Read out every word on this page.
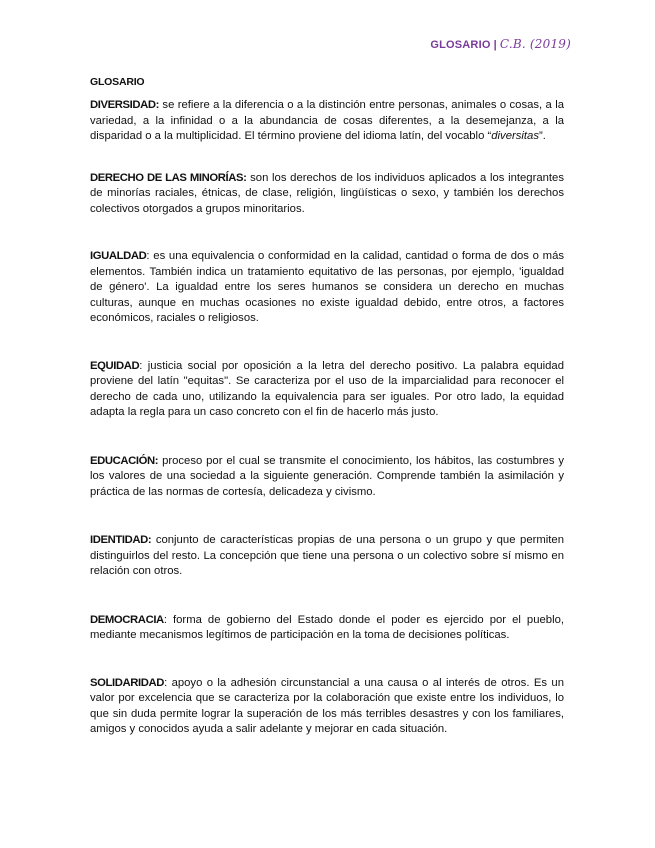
GLOSARIO | C.B. (2019)
GLOSARIO

DIVERSIDAD: se refiere a la diferencia o a la distinción entre personas, animales o cosas, a la variedad, a la infinidad o a la abundancia de cosas diferentes, a la desemejanza, a la disparidad o a la multiplicidad. El término proviene del idioma latín, del vocablo “diversitas”.

DERECHO DE LAS MINORÍAS: son los derechos de los individuos aplicados a los integrantes de minorías raciales, étnicas, de clase, religión, lingüísticas o sexo, y también los derechos colectivos otorgados a grupos minoritarios.

IGUALDAD: es una equivalencia o conformidad en la calidad, cantidad o forma de dos o más elementos. También indica un tratamiento equitativo de las personas, por ejemplo, 'igualdad de género'. La igualdad entre los seres humanos se considera un derecho en muchas culturas, aunque en muchas ocasiones no existe igualdad debido, entre otros, a factores económicos, raciales o religiosos.

EQUIDAD: justicia social por oposición a la letra del derecho positivo. La palabra equidad proviene del latín "equitas". Se caracteriza por el uso de la imparcialidad para reconocer el derecho de cada uno, utilizando la equivalencia para ser iguales. Por otro lado, la equidad adapta la regla para un caso concreto con el fin de hacerlo más justo.

EDUCACIÓN: proceso por el cual se transmite el conocimiento, los hábitos, las costumbres y los valores de una sociedad a la siguiente generación. Comprende también la asimilación y práctica de las normas de cortesía, delicadeza y civismo.

IDENTIDAD: conjunto de características propias de una persona o un grupo y que permiten distinguirlos del resto. La concepción que tiene una persona o un colectivo sobre sí mismo en relación con otros.

DEMOCRACIA: forma de gobierno del Estado donde el poder es ejercido por el pueblo, mediante mecanismos legítimos de participación en la toma de decisiones políticas.

SOLIDARIDAD: apoyo o la adhesión circunstancial a una causa o al interés de otros. Es un valor por excelencia que se caracteriza por la colaboración que existe entre los individuos, lo que sin duda permite lograr la superación de los más terribles desastres y con los familiares, amigos y conocidos ayuda a salir adelante y mejorar en cada situación.
